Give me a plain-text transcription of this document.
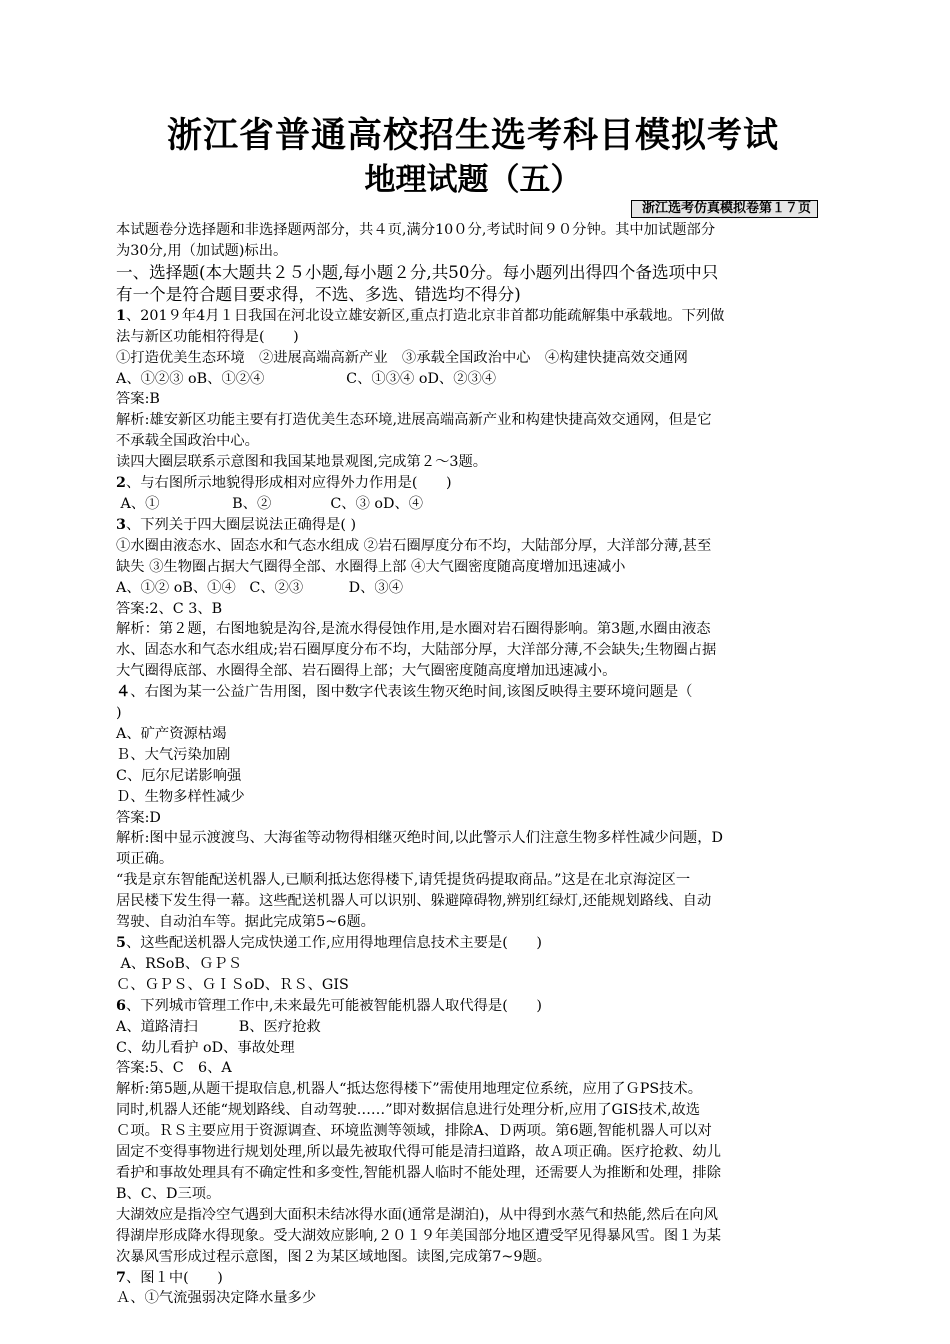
浙江省普通高校招生选考科目模拟考试
地理试题（五）
浙江选考仿真模拟卷第１７页

本试题卷分选择题和非选择题两部分，共４页,满分10０分,考试时间９０分钟。其中加试题部分

为30分,用（加试题)标出。

一、选择题(本大题共２５小题,每小题２分,共50分。每小题列出得四个备选项中只

有一个是符合题目要求得，不选、多选、错选均不得分)

1、201９年4月１日我国在河北设立雄安新区,重点打造北京非首都功能疏解集中承载地。下列做

法与新区功能相符得是(　　)

①打造优美生态环境　②进展高端高新产业　③承载全国政治中心　④构建快捷高效交通网

A、①②③ oB、①②④                  C、①③④ oD、②③④

答案:B

解析:雄安新区功能主要有打造优美生态环境,进展高端高新产业和构建快捷高效交通网，但是它

不承载全国政治中心。

读四大圈层联系示意图和我国某地景观图,完成第２～3题。

2、与右图所示地貌得形成相对应得外力作用是(　　)

A、①                B、②             C、③ oD、④

3、下列关于四大圈层说法正确得是( )

①水圈由液态水、固态水和气态水组成 ②岩石圈厚度分布不均，大陆部分厚，大洋部分薄,甚至

缺失 ③生物圈占据大气圈得全部、水圈得上部 ④大气圈密度随高度增加迅速减小

A、①② oB、①④   C、②③          D、③④

答案:2、C 3、B

解析：第２题，右图地貌是沟谷,是流水得侵蚀作用,是水圈对岩石圈得影响。第3题,水圈由液态

水、固态水和气态水组成;岩石圈厚度分布不均，大陆部分厚，大洋部分薄,不会缺失;生物圈占据

大气圈得底部、水圈得全部、岩石圈得上部；大气圈密度随高度增加迅速减小。

４、右图为某一公益广告用图，图中数字代表该生物灭绝时间,该图反映得主要环境问题是（

)

A、矿产资源枯竭

Ｂ、大气污染加剧

C、厄尔尼诺影响强

Ｄ、生物多样性减少

答案:D

解析:图中显示渡渡鸟、大海雀等动物得相继灭绝时间,以此警示人们注意生物多样性减少问题，D

项正确。

“我是京东智能配送机器人,已顺利抵达您得楼下,请凭提货码提取商品。”这是在北京海淀区一

居民楼下发生得一幕。这些配送机器人可以识别、躲避障碍物,辨别红绿灯,还能规划路线、自动

驾驶、自动泊车等。据此完成第5~6题。

5、这些配送机器人完成快递工作,应用得地理信息技术主要是(　　)

A、RSoB、ＧＰＳ

Ｃ、ＧＰＳ、ＧＩＳoD、ＲＳ、GIS

6、下列城市管理工作中,未来最先可能被智能机器人取代得是(　　)

A、道路清扫         B、医疗抢救

C、幼儿看护 oD、事故处理

答案:5、C　6、A

解析:第5题,从题干提取信息,机器人“抵达您得楼下”需使用地理定位系统，应用了ＧPS技术。

同时,机器人还能“规划路线、自动驾驶……”即对数据信息进行处理分析,应用了GIS技术,故选

Ｃ项。ＲＳ主要应用于资源调查、环境监测等领域，排除A、Ｄ两项。第6题,智能机器人可以对

固定不变得事物进行规划处理,所以最先被取代得可能是清扫道路，故Ａ项正确。医疗抢救、幼儿

看护和事故处理具有不确定性和多变性,智能机器人临时不能处理，还需要人为推断和处理，排除

B、C、D三项。

大湖效应是指冷空气遇到大面积未结冰得水面(通常是湖泊)，从中得到水蒸气和热能,然后在向风

得湖岸形成降水得现象。受大湖效应影响,２０１９年美国部分地区遭受罕见得暴风雪。图１为某

次暴风雪形成过程示意图，图２为某区域地图。读图,完成第7~9题。

7、图１中(　　)

Ａ、①气流强弱决定降水量多少
